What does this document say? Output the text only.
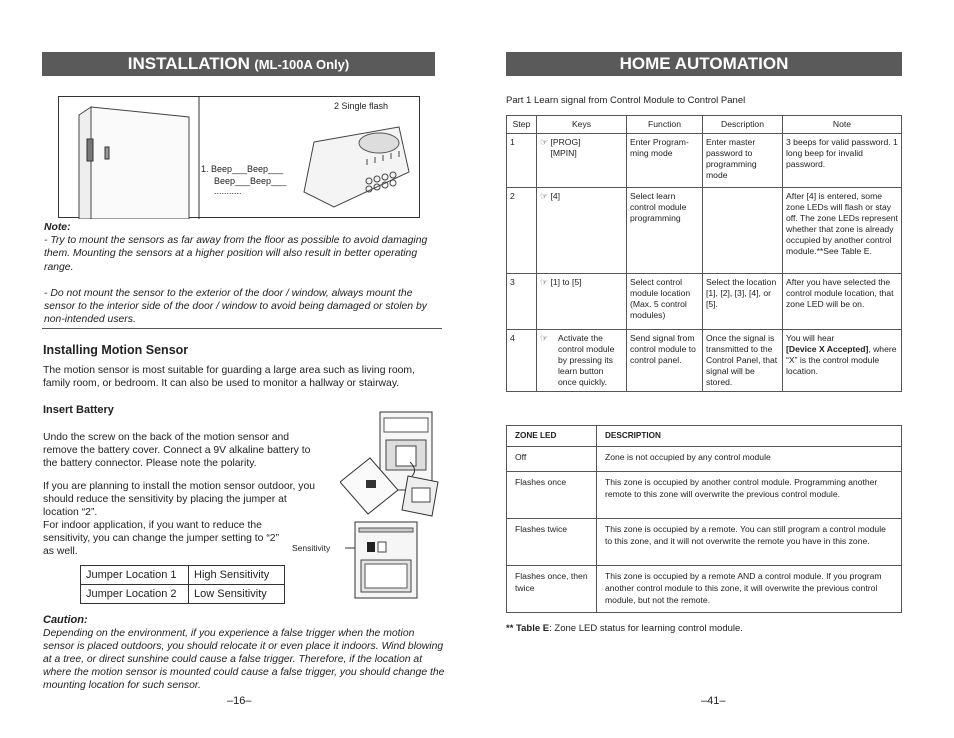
INSTALLATION (ML-100A Only)
2 Single flash
1. Beep___Beep___
Beep___Beep___
...........
Note:
- Try to mount the sensors as far away from the floor as possible to avoid damaging them. Mounting the sensors at a higher position will also result in better operating range.
- Do not mount the sensor to the exterior of the door / window, always mount the sensor to the interior side of the door / window to avoid being damaged or stolen by non-intended users.
Installing Motion Sensor
The motion sensor is most suitable for guarding a large area such as living room, family room, or bedroom. It can also be used to monitor a hallway or stairway.
Insert Battery
Undo the screw on the back of the motion sensor and remove the battery cover. Connect a 9V alkaline battery to the battery connector. Please note the polarity.
If you are planning to install the motion sensor outdoor, you should reduce the sensitivity by placing the jumper at location “2”.
For indoor application, if you want to reduce the sensitivity, you can change the jumper setting to “2” as well.	Sensitivity
Jumper Location 1	High Sensitivity
Jumper Location 2	Low Sensitivity
Caution:
Depending on the environment, if you experience a false trigger when the motion sensor is placed outdoors, you should relocate it or even place it indoors. Wind blowing at a tree, or direct sunshine could cause a false trigger. Therefore, if the location at where the motion sensor is mounted could cause a false trigger, you should change the mounting location for such sensor.
–16–
HOME AUTOMATION
Part 1 Learn signal from Control Module to Control Panel
Step	Keys	Function	Description	Note
1	☞ [PROG]
[MPIN]	Enter Program-ming mode	Enter master password to programming mode	3 beeps for valid password. 1 long beep for invalid password.
2	☞ [4]	Select learn control module programming		After [4] is entered, some zone LEDs will flash or stay off. The zone LEDs represent whether that zone is already occupied by another control module.**See Table E.
3	☞ [1] to [5]	Select control module location (Max. 5 control modules)	Select the location [1], [2], [3], [4], or [5].	After you have selected the control module location, that zone LED will be on.
4	☞ Activate the control module by pressing its learn button once quickly.	Send signal from control module to control panel.	Once the signal is transmitted to the Control Panel, that signal will be stored.	You will hear
[Device X Accepted], where “X” is the control module location.
ZONE LED	DESCRIPTION
Off	Zone is not occupied by any control module
Flashes once	This zone is occupied by another control module. Programming another remote to this zone will overwrite the previous control module.
Flashes twice	This zone is occupied by a remote. You can still program a control module to this zone, and it will not overwrite the remote you have in this zone.
Flashes once, then twice	This zone is occupied by a remote AND a control module. If you program another control module to this zone, it will overwrite the previous control module, but not the remote.
** Table E: Zone LED status for learning control module.
–41–
